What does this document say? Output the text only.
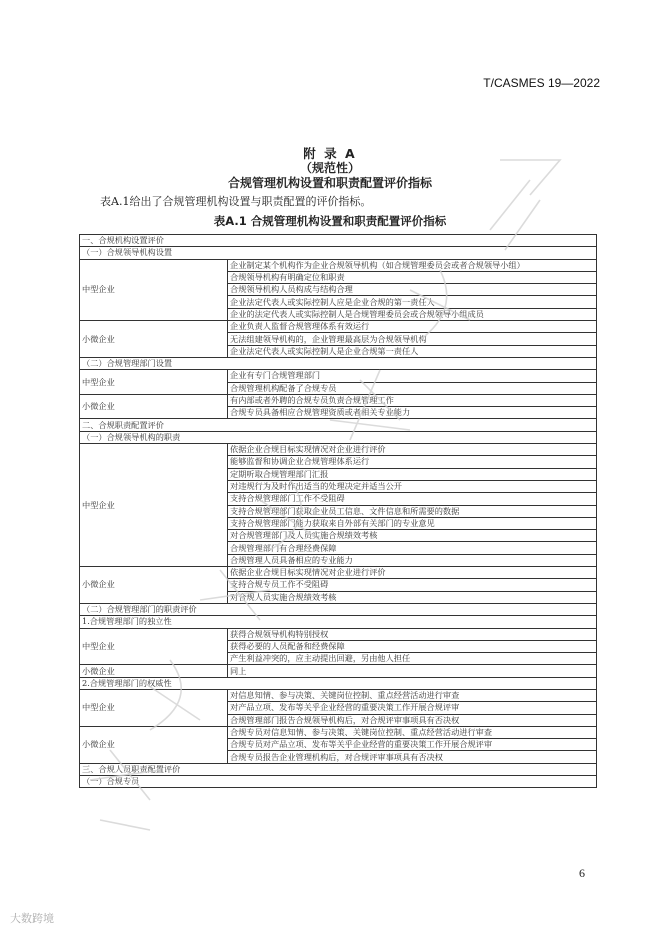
T/CASMES 19—2022
附 录 A
（规范性）
合规管理机构设置和职责配置评价指标
表A.1给出了合规管理机构设置与职责配置的评价指标。
表A.1 合规管理机构设置和职责配置评价指标
一、合规机构设置评价	
（一）合规领导机构设置	
中型企业	企业制定某个机构作为企业合规领导机构（如合规管理委员会或者合规领导小组）
	合规领导机构有明确定位和职责
	合规领导机构人员构成与结构合理
	企业法定代表人或实际控制人应是企业合规的第一责任人
	企业的法定代表人或实际控制人是合规管理委员会或合规领导小组成员
小微企业	企业负责人监督合规管理体系有效运行
	无法组建领导机构的，企业管理最高层为合规领导机构
	企业法定代表人或实际控制人是企业合规第一责任人
（二）合规管理部门设置	
中型企业	企业有专门合规管理部门
	合规管理机构配备了合规专员
小微企业	有内部或者外聘的合规专员负责合规管理工作
	合规专员具备相应合规管理资质或者相关专业能力
二、合规职责配置评价	
（一）合规领导机构的职责	
中型企业	依据企业合规目标实现情况对企业进行评价
	能够监督和协调企业合规管理体系运行
	定期听取合规管理部门汇报
	对违规行为及时作出适当的处理决定并适当公开
	支持合规管理部门工作不受阻碍
	支持合规管理部门获取企业员工信息、文件信息和所需要的数据
	支持合规管理部门能力获取来自外部有关部门的专业意见
	对合规管理部门及人员实施合规绩效考核
	合规管理部门有合理经费保障
	合规管理人员具备相应的专业能力
小微企业	依据企业合规目标实现情况对企业进行评价
	支持合规专员工作不受阻碍
	对合规人员实施合规绩效考核
（二）合规管理部门的职责评价	
1.合规管理部门的独立性	
中型企业	获得合规领导机构特别授权
	获得必要的人员配备和经费保障
	产生利益冲突的，应主动提出回避，另由他人担任
小微企业	同上
2.合规管理部门的权威性	
中型企业	对信息知情、参与决策、关键岗位控制、重点经营活动进行审查
	对产品立项、发布等关乎企业经营的重要决策工作开展合规评审
	合规管理部门报告合规领导机构后，对合规评审事项具有否决权
小微企业	合规专员对信息知情、参与决策、关键岗位控制、重点经营活动进行审查
	合规专员对产品立项、发布等关乎企业经营的重要决策工作开展合规评审
	合规专员报告企业管理机构后，对合规评审事项具有否决权
三、合规人员职责配置评价	
（一）合规专员	
6
大数跨境
